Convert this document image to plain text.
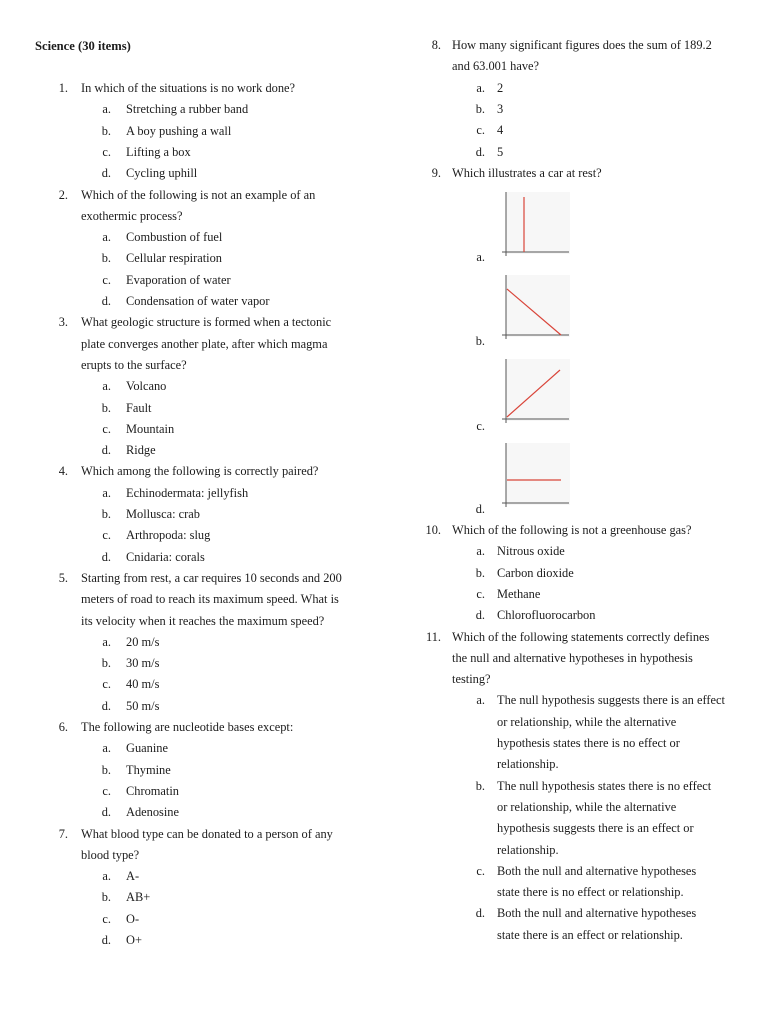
Science (30 items)
1. In which of the situations is no work done?
a. Stretching a rubber band
b. A boy pushing a wall
c. Lifting a box
d. Cycling uphill
2. Which of the following is not an example of an
exothermic process?
a. Combustion of fuel
b. Cellular respiration
c. Evaporation of water
d. Condensation of water vapor
3. What geologic structure is formed when a tectonic
plate converges another plate, after which magma
erupts to the surface?
a. Volcano
b. Fault
c. Mountain
d. Ridge
4. Which among the following is correctly paired?
a. Echinodermata: jellyfish
b. Mollusca: crab
c. Arthropoda: slug
d. Cnidaria: corals
5. Starting from rest, a car requires 10 seconds and 200
meters of road to reach its maximum speed. What is
its velocity when it reaches the maximum speed?
a. 20 m/s
b. 30 m/s
c. 40 m/s
d. 50 m/s
6. The following are nucleotide bases except:
a. Guanine
b. Thymine
c. Chromatin
d. Adenosine
7. What blood type can be donated to a person of any
blood type?
a. A-
b. AB+
c. O-
d. O+
8. How many significant figures does the sum of 189.2
and 63.001 have?
a. 2
b. 3
c. 4
d. 5
9. Which illustrates a car at rest?
a.
b.
c.
d.
10. Which of the following is not a greenhouse gas?
a. Nitrous oxide
b. Carbon dioxide
c. Methane
d. Chlorofluorocarbon
11. Which of the following statements correctly defines
the null and alternative hypotheses in hypothesis
testing?
a. The null hypothesis suggests there is an effect
or relationship, while the alternative
hypothesis states there is no effect or
relationship.
b. The null hypothesis states there is no effect
or relationship, while the alternative
hypothesis suggests there is an effect or
relationship.
c. Both the null and alternative hypotheses
state there is no effect or relationship.
d. Both the null and alternative hypotheses
state there is an effect or relationship.
